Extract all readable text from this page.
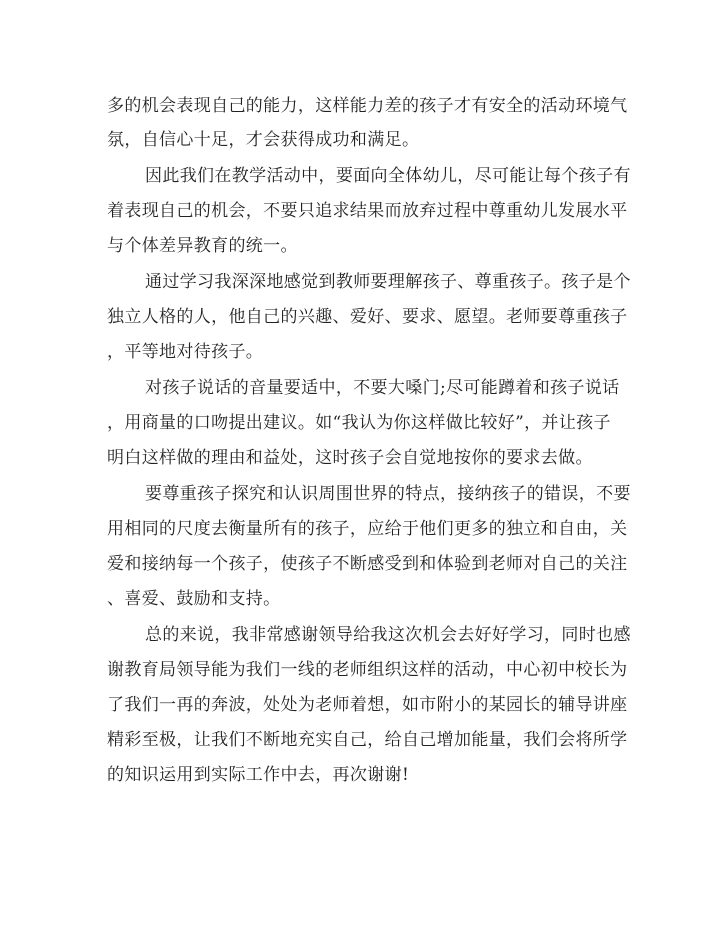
多的机会表现自己的能力，这样能力差的孩子才有安全的活动环境气
氛，自信心十足，才会获得成功和满足。
因此我们在教学活动中，要面向全体幼儿，尽可能让每个孩子有
着表现自己的机会，不要只追求结果而放弃过程中尊重幼儿发展水平
与个体差异教育的统一。
通过学习我深深地感觉到教师要理解孩子、尊重孩子。孩子是个
独立人格的人，他自己的兴趣、爱好、要求、愿望。老师要尊重孩子
，平等地对待孩子。
对孩子说话的音量要适中，不要大嗓门;尽可能蹲着和孩子说话
，用商量的口吻提出建议。如“我认为你这样做比较好”，并让孩子
明白这样做的理由和益处，这时孩子会自觉地按你的要求去做。
要尊重孩子探究和认识周围世界的特点，接纳孩子的错误，不要
用相同的尺度去衡量所有的孩子，应给于他们更多的独立和自由，关
爱和接纳每一个孩子，使孩子不断感受到和体验到老师对自己的关注
、喜爱、鼓励和支持。
总的来说，我非常感谢领导给我这次机会去好好学习，同时也感
谢教育局领导能为我们一线的老师组织这样的活动，中心初中校长为
了我们一再的奔波，处处为老师着想，如市附小的某园长的辅导讲座
精彩至极，让我们不断地充实自己，给自己增加能量，我们会将所学
的知识运用到实际工作中去，再次谢谢!
